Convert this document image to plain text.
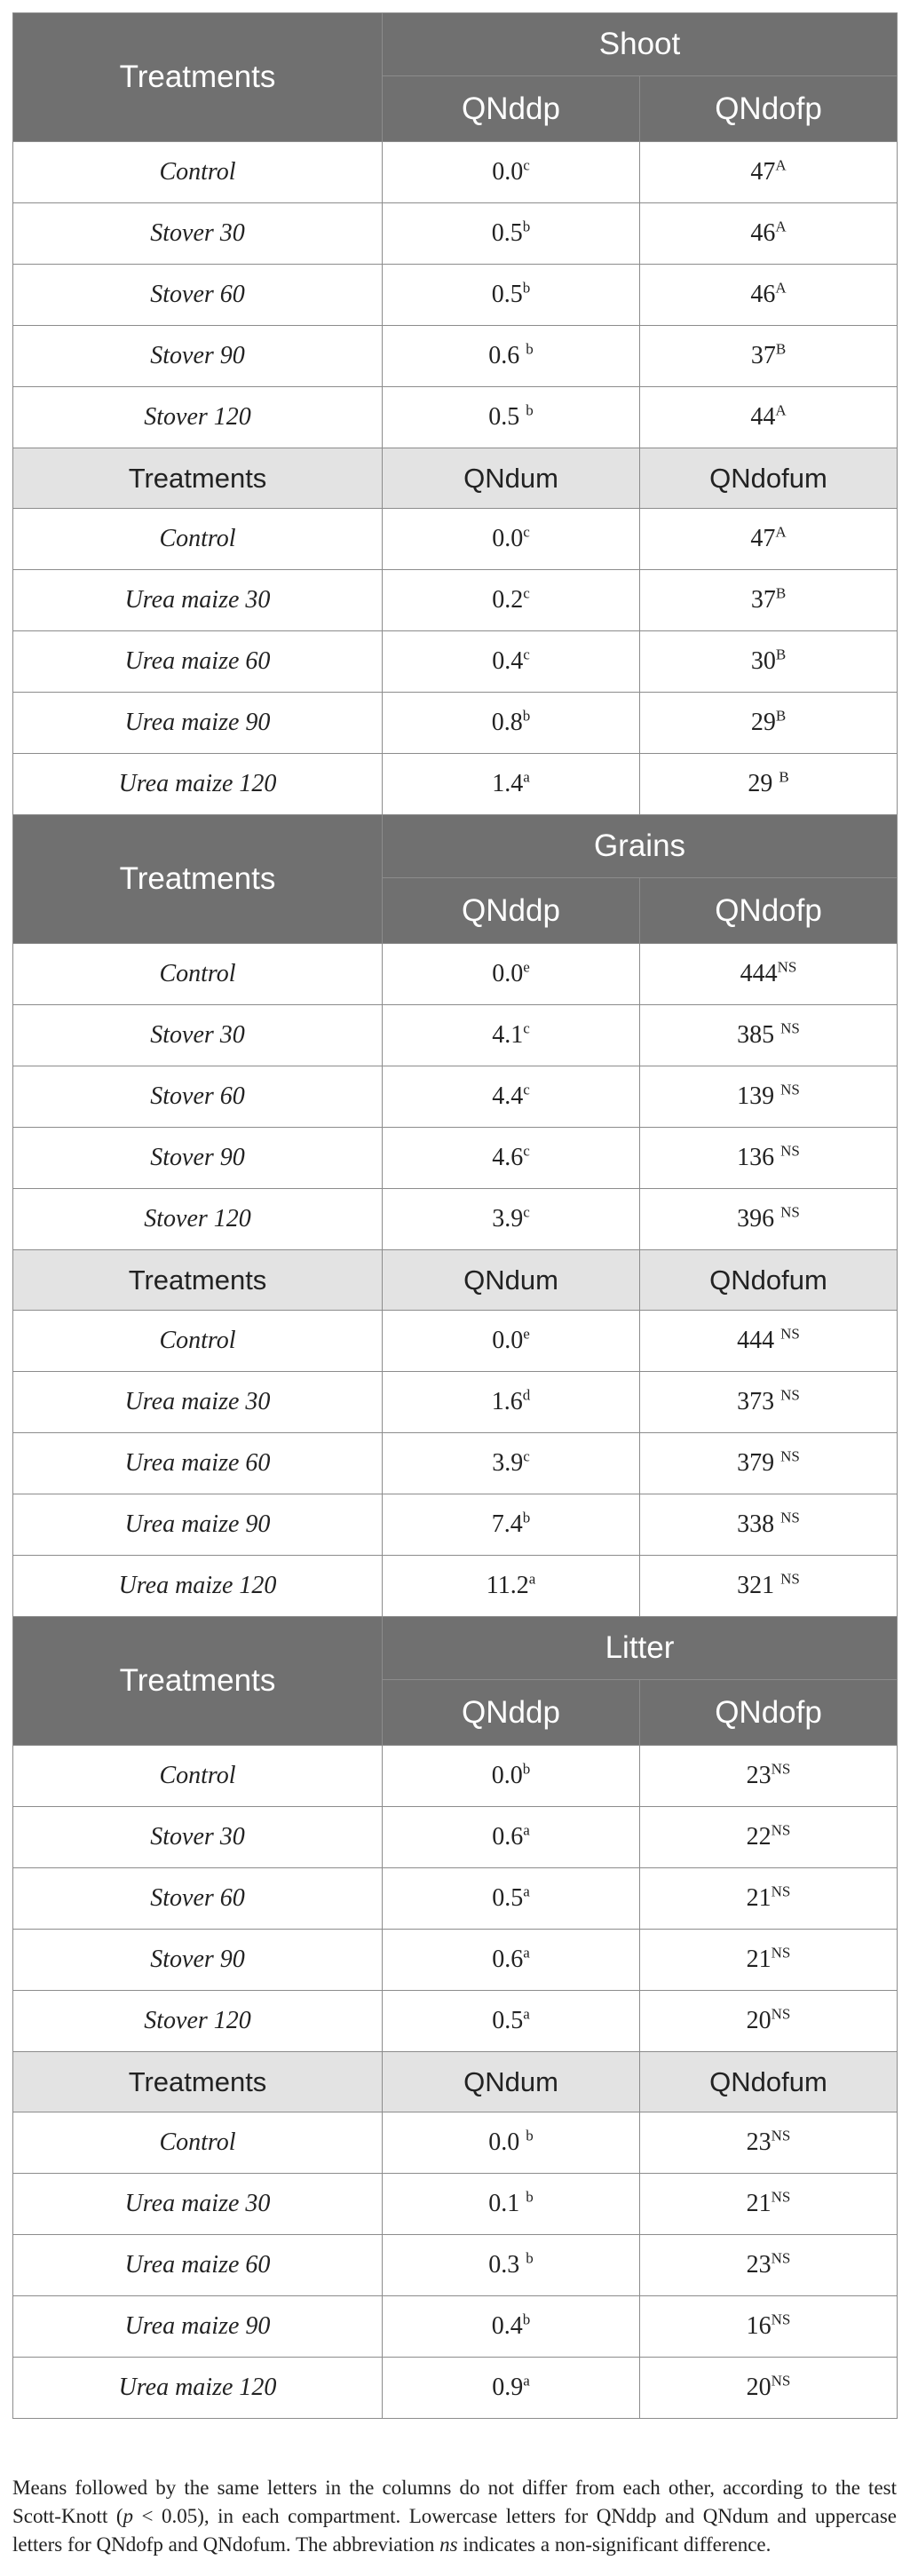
Treatments	Shoot	
	QNddp	QNdofp
Control	0.0$^c$	$47^A$
Stover 30	0.5$^b$	$46^A$
Stover 60	0.5$^b$	$46^A$
Stover 90	0.6 $^b$	$37^B$
Stover 120	0.5 $^b$	$44^A$
Treatments	QNdum	QNdofum
Control	0.0$^c$	$47^A$
Urea maize 30	0.2$^c$	$37^B$
Urea maize 60	0.4$^c$	$30^B$
Urea maize 90	0.8$^b$	$29^B$
Urea maize 120	1.4$^a$	29 $^B$
Treatments	Grains	
	QNddp	QNdofp
Control	0.0e	$444^{NS}$
Stover 30	4.1$^c$	385 $^{NS}$
Stover 60	4.4$^c$	139 $^{NS}$
Stover 90	4.6$^c$	136 $^{NS}$
Stover 120	3.9$^c$	396 $^{NS}$
Treatments	QNdum	QNdofum
Control	0.0e	444 $^{NS}$
Urea maize 30	1.6$^d$	373 $^{NS}$
Urea maize 60	3.9$^c$	379 $^{NS}$
Urea maize 90	7.4$^b$	338 $^{NS}$
Urea maize 120	11.2$^a$	321 $^{NS}$
Treatments	Litter	
	QNddp	QNdofp
Control	0.0$^b$	$23^{NS}$
Stover 30	0.6$^a$	$22^{NS}$
Stover 60	0.5$^a$	$21^{NS}$
Stover 90	0.6$^a$	$21^{NS}$
Stover 120	0.5$^a$	$20^{NS}$
Treatments	QNdum	QNdofum
Control	0.0 $^b$	$23^{NS}$
Urea maize 30	0.1 $^b$	$21^{NS}$
Urea maize 60	0.3 $^b$	$23^{NS}$
Urea maize 90	0.4$^b$	$16^{NS}$
Urea maize 120	0.9$^a$	$20^{NS}$
Means followed by the same letters in the columns do not differ from each other, according to the test Scott-Knott (p < 0.05), in each compartment. Lowercase letters for QNddp and QNdum and uppercase letters for QNdofp and QNdofum. The abbreviation ns indicates a non-significant difference.
